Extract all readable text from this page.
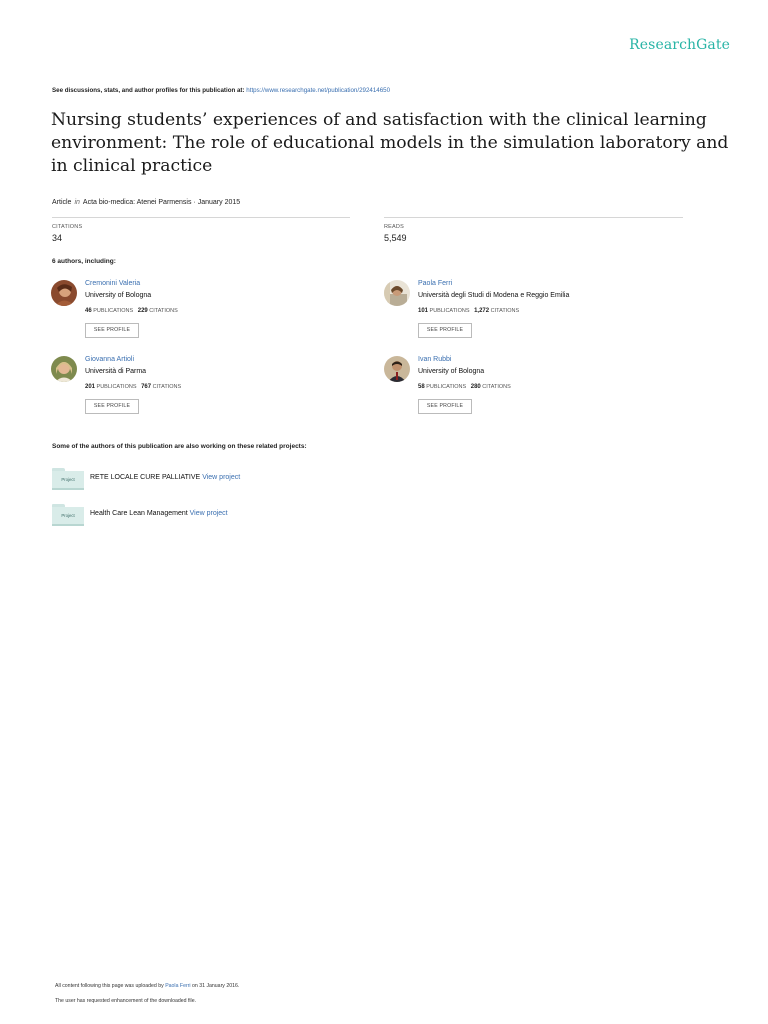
ResearchGate
See discussions, stats, and author profiles for this publication at: https://www.researchgate.net/publication/292414650
Nursing students’ experiences of and satisfaction with the clinical learning environment: The role of educational models in the simulation laboratory and in clinical practice
Article in Acta bio-medica: Atenei Parmensis · January 2015
CITATIONS
34
READS
5,549
6 authors, including:
Cremonini Valeria
University of Bologna
46 PUBLICATIONS 229 CITATIONS
SEE PROFILE
Paola Ferri
Università degli Studi di Modena e Reggio Emilia
101 PUBLICATIONS 1,272 CITATIONS
SEE PROFILE
Giovanna Artioli
Università di Parma
201 PUBLICATIONS 767 CITATIONS
SEE PROFILE
Ivan Rubbi
University of Bologna
58 PUBLICATIONS 280 CITATIONS
SEE PROFILE
Some of the authors of this publication are also working on these related projects:
Project	RETE LOCALE CURE PALLIATIVE View project
Project	Health Care Lean Management View project
All content following this page was uploaded by Paola Ferri on 31 January 2016.
The user has requested enhancement of the downloaded file.
